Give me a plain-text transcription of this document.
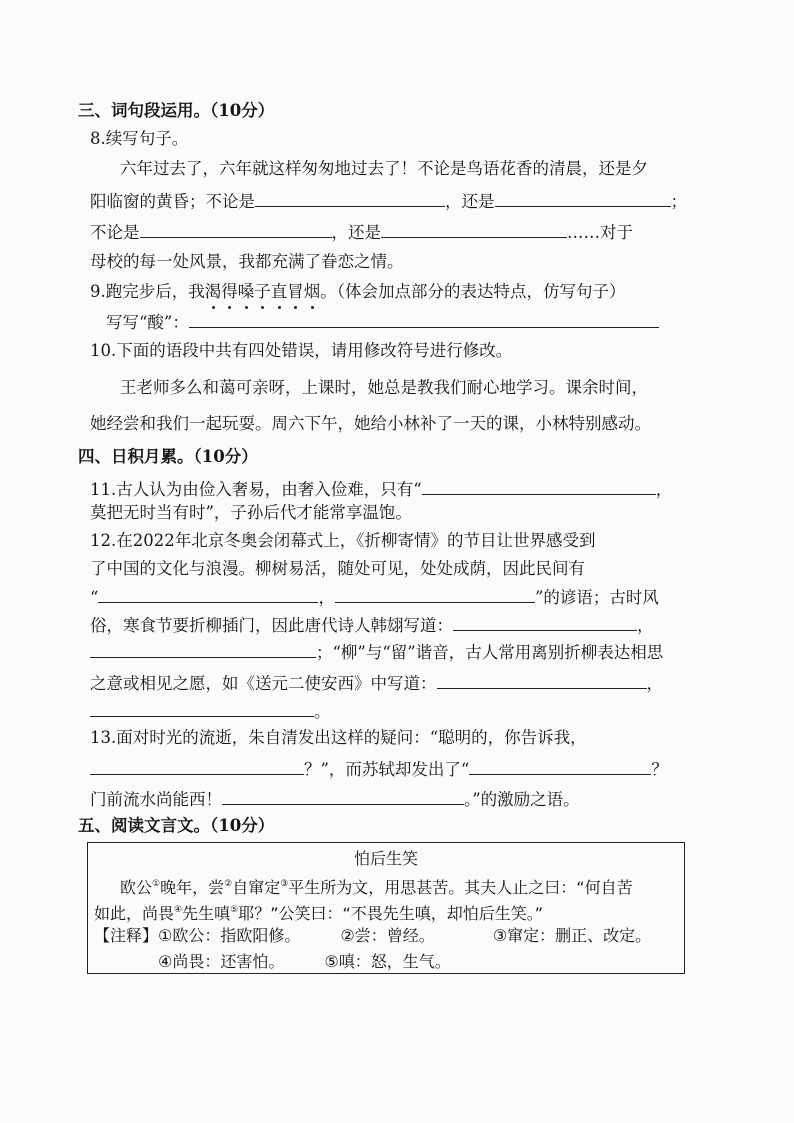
三、词句段运用。（10分）
8.续写句子。
六年过去了，六年就这样匆匆地过去了！不论是鸟语花香的清晨，还是夕
阳临窗的黄昏；不论是	，还是	；
不论是	，还是	……对于
母校的每一处风景，我都充满了眷恋之情。
9.跑完步后，我渴得嗓子直冒烟。（体会加点部分的表达特点，仿写句子）
写写“酸”：
10.下面的语段中共有四处错误，请用修改符号进行修改。
王老师多么和蔼可亲呀，上课时，她总是教我们耐心地学习。课余时间，
她经尝和我们一起玩耍。周六下午，她给小林补了一天的课，小林特别感动。
四、日积月累。（10分）
11.古人认为由俭入奢易，由奢入俭难，只有“	，
莫把无时当有时”，子孙后代才能常享温饱。
12.在2022年北京冬奥会闭幕式上，《折柳寄情》的节目让世界感受到
了中国的文化与浪漫。柳树易活，随处可见，处处成荫，因此民间有
“	，	”的谚语；古时风
俗，寒食节要折柳插门，因此唐代诗人韩翃写道：	，
；“柳”与“留”谐音，古人常用离别折柳表达相思
之意或相见之愿，如《送元二使安西》中写道：	，
。
13.面对时光的流逝，朱自清发出这样的疑问：“聪明的，你告诉我，
？”，而苏轼却发出了“	？
门前流水尚能西！	。”的激励之语。
五、阅读文言文。（10分）
怕后生笑
欧公①晚年，尝②自窜定③平生所为文，用思甚苦。其夫人止之曰：“何自苦
如此，尚畏④先生嗔⑤耶？”公笑曰：“不畏先生嗔，却怕后生笑。”
【注释】①欧公：指欧阳修。	②尝：曾经。	③窜定：删正、改定。
④尚畏：还害怕。	⑤嗔：怒，生气。
